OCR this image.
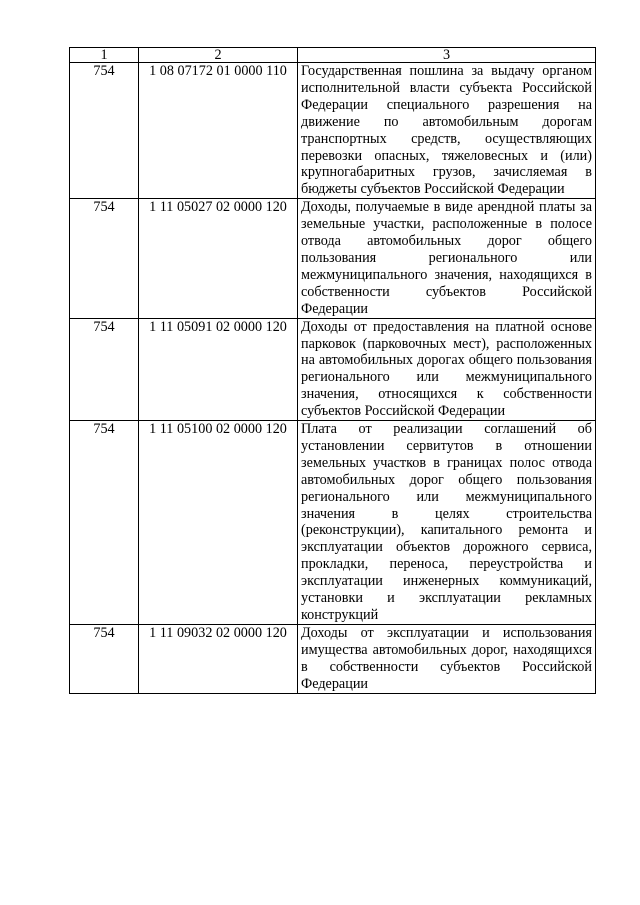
1	2	3
754	1 08 07172 01 0000 110	Государственная пошлина за выдачу органом исполнительной власти субъекта Российской Федерации специального разрешения на движение по автомобильным дорогам транспортных средств, осуществляющих перевозки опасных, тяжеловесных и (или) крупногабаритных грузов, зачисляемая в бюджеты субъектов Российской Федерации
754	1 11 05027 02 0000 120	Доходы, получаемые в виде арендной платы за земельные участки, расположенные в полосе отвода автомобильных дорог общего пользования регионального или межмуниципального значения, находящихся в собственности субъектов Российской Федерации
754	1 11 05091 02 0000 120	Доходы от предоставления на платной основе парковок (парковочных мест), расположенных на автомобильных дорогах общего пользования регионального или межмуниципального значения, относящихся к собственности субъектов Российской Федерации
754	1 11 05100 02 0000 120	Плата от реализации соглашений об установлении сервитутов в отношении земельных участков в границах полос отвода автомобильных дорог общего пользования регионального или межмуниципального значения в целях строительства (реконструкции), капитального ремонта и эксплуатации объектов дорожного сервиса, прокладки, переноса, переустройства и эксплуатации инженерных коммуникаций, установки и эксплуатации рекламных конструкций
754	1 11 09032 02 0000 120	Доходы от эксплуатации и использования имущества автомобильных дорог, находящихся в собственности субъектов Российской Федерации
